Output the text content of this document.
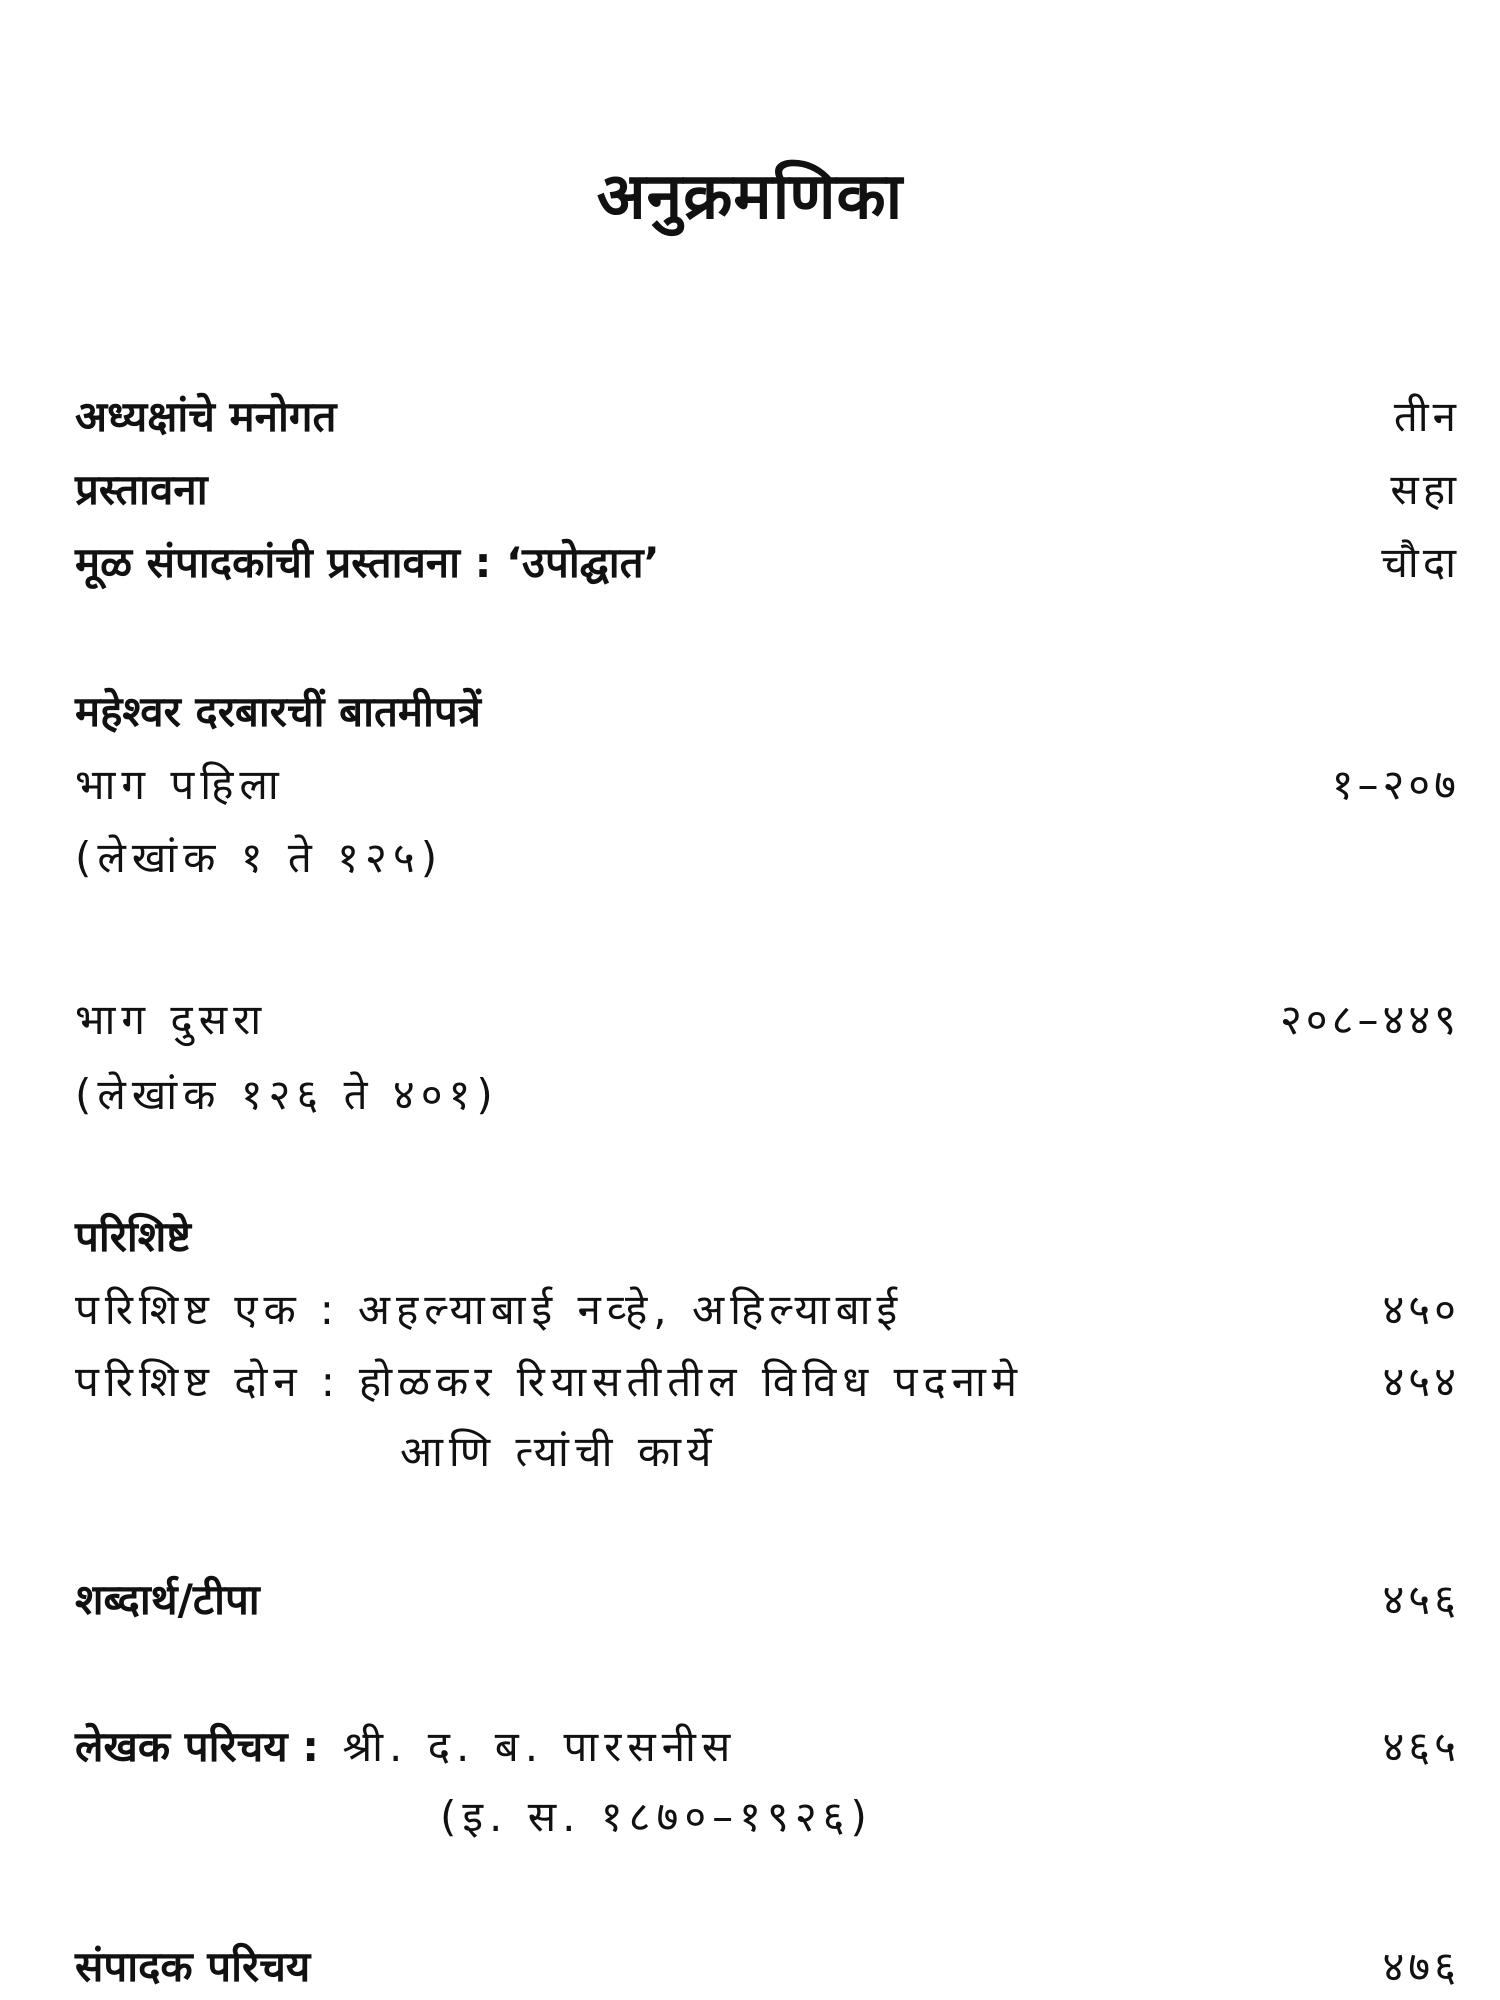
अनुक्रमणिका
अध्यक्षांचे मनोगत	तीन
प्रस्तावना	सहा
मूळ संपादकांची प्रस्तावना : ‘उपोद्घात’	चौदा
महेश्वर दरबारचीं बातमीपत्रें
भाग पहिला	१–२०७
(लेखांक १ ते १२५)
भाग दुसरा	२०८–४४९
(लेखांक १२६ ते ४०१)
परिशिष्टे
परिशिष्ट एक : अहल्याबाई नव्हे, अहिल्याबाई	४५०
परिशिष्ट दोन : होळकर रियासतीतील विविध पदनामे	४५४
आणि त्यांची कार्ये
शब्दार्थ/टीपा	४५६
लेखक परिचय : श्री. द. ब. पारसनीस	४६५
(इ. स. १८७०–१९२६)
संपादक परिचय	४७६
